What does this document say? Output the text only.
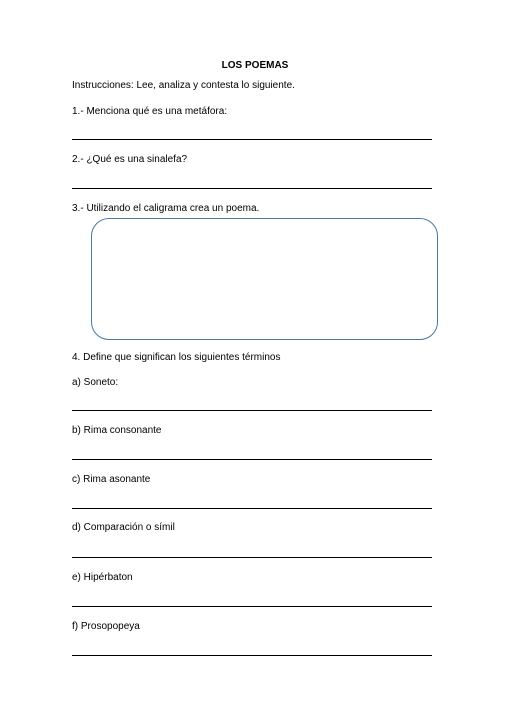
LOS POEMAS
Instrucciones: Lee, analiza y contesta lo siguiente.
1.- Menciona qué es una metáfora:
2.- ¿Qué es una sinalefa?
3.- Utilizando el caligrama crea un poema.
4. Define que significan los siguientes términos
a) Soneto:
b) Rima consonante
c) Rima asonante
d) Comparación o símil
e) Hipérbaton
f) Prosopopeya
